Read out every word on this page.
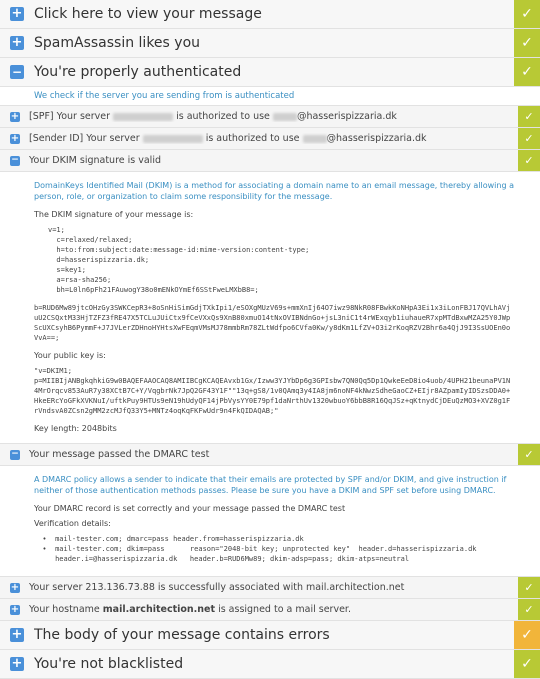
+ Click here to view your message	✓
+ SpamAssassin likes you	✓
− You're properly authenticated	✓
We check if the server you are sending from is authenticated
+ [SPF] Your server	is authorized to use	@hasserispizzaria.dk	✓
+ [Sender ID] Your server	is authorized to use	@hasserispizzaria.dk	✓
− Your DKIM signature is valid	✓
DomainKeys Identified Mail (DKIM) is a method for associating a domain name to an email message, thereby allowing a person, role, or organization to claim some responsibility for the message.
The DKIM signature of your message is:
v=1;
c=relaxed/relaxed;
h=to:from:subject:date:message-id:mime-version:content-type;
d=hasserispizzaria.dk;
s=key1;
a=rsa-sha256;
bh=L0ln6pFh21FAuwogY38o0mENkOYmEf6SStFweLMXbB8=;
b=RUD6Mw89jtcOHzGy3SWKCepR3+8oSnHiSimGdjTXkIpi1/eSOXgMUzV69s+mmXnIj64O7iwz98NkR08FBwkKoNHpA3Ei1x3iLonFBJ17QVLhAVjuU2CSQxtM33HjTZFZ3fRE47X5TCLuJUiCtx9fCeVXxQs9XnB80xmuO14tNxOVIBNdnGo+jsL3niC1t4rWExqyb1iuhaueR7xpMTdBxwMZA25Y0JWpScUXCsyhB6PymmF+J7JVLerZDHnoHYHtsXwFEqmVMsMJ78mmbRm78ZLtWdfpo6CVfa0Kw/y8dKm1LfZV+O3i2rKoqRZV2Bhr6a4QjJ9I3SsUOEn0oVvA==;
Your public key is:
"v=DKIM1;
p=MIIBIjANBgkqhkiG9w0BAQEFAAOCAQ8AMIIBCgKCAQEAvxb1Gx/Izww3YJYbDp6g3GPIsbw7QN0Qq5Dp1QwkeEeD8io4uob/4UPH21beunaPV1N4MrOrqcv853AuR7y38XCtB7C+Y/VqgbrNk7JpQ2GF43Y1F""13q+gS8/1v0QAmq3y4IA8jm6noNF4kNwzSdheGaoCZ+EIjr8AZpamIyIDSzsDDA0+HkeERcYoGFkXVKNuI/uftkPuy9HTUs9eN19hUdyQF14jPbVysYY0E79pf1daNrthUv1320wbuoY6bbB8R16QqJSz+qKtnydCjDEuQzMO3+XVZ0g1FrVndsvA0ZCsn2gMM2zcMJfQ33Y5+MNTz4oqKqFKFwUdr9n4FkQIDAQAB;"
Key length: 2048bits
− Your message passed the DMARC test	✓
A DMARC policy allows a sender to indicate that their emails are protected by SPF and/or DKIM, and give instruction if neither of those authentication methods passes. Please be sure you have a DKIM and SPF set before using DMARC.
Your DMARC record is set correctly and your message passed the DMARC test
Verification details:
•  mail-tester.com; dmarc=pass header.from=hasserispizzaria.dk
•  mail-tester.com; dkim=pass      reason="2048-bit key; unprotected key"  header.d=hasserispizzaria.dk
header.i=@hasserispizzaria.dk   header.b=RUD6Mw89; dkim-adsp=pass; dkim-atps=neutral
+ Your server 213.136.73.88 is successfully associated with mail.architection.net	✓
+ Your hostname mail.architection.net is assigned to a mail server.	✓
+ The body of your message contains errors	✓
+ You're not blacklisted	✓
